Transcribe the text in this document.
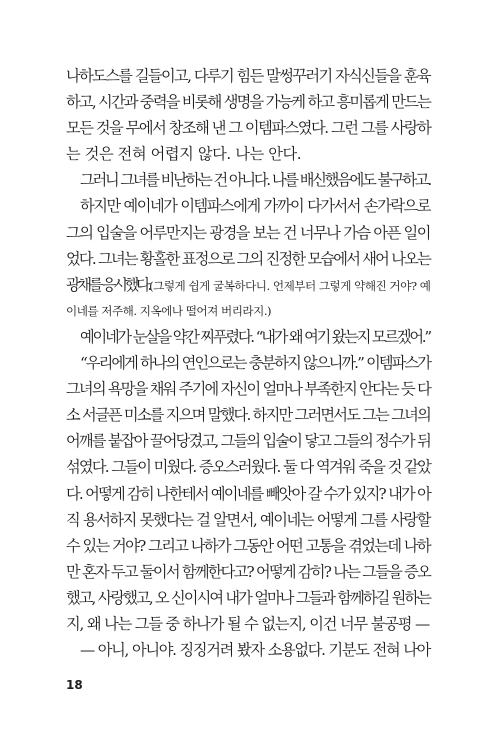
나하도스를 길들이고, 다루기 힘든 말썽꾸러기 자식신들을 훈육
하고, 시간과 중력을 비롯해 생명을 가능케 하고 흥미롭게 만드는
모든 것을 무에서 창조해 낸 그 이템파스였다. 그런 그를 사랑하
는 것은 전혀 어렵지 않다. 나는 안다.
그러니 그녀를 비난하는 건 아니다. 나를 배신했음에도 불구하고.
하지만 예이네가 이템파스에게 가까이 다가서서 손가락으로
그의 입술을 어루만지는 광경을 보는 건 너무나 가슴 아픈 일이
었다. 그녀는 황홀한 표정으로 그의 진정한 모습에서 새어 나오는
광채를 응시했다.(그렇게 쉽게 굴복하다니. 언제부터 그렇게 약해진 거야? 예
이네를 저주해. 지옥에나 떨어져 버리라지.)
예이네가 눈살을 약간 찌푸렸다. “내가 왜 여기 왔는지 모르겠어.”
“우리에게 하나의 연인으로는 충분하지 않으니까.” 이템파스가
그녀의 욕망을 채워 주기에 자신이 얼마나 부족한지 안다는 듯 다
소 서글픈 미소를 지으며 말했다. 하지만 그러면서도 그는 그녀의
어깨를 붙잡아 끌어당겼고, 그들의 입술이 닿고 그들의 정수가 뒤
섞였다. 그들이 미웠다. 증오스러웠다. 둘 다 역겨워 죽을 것 같았
다. 어떻게 감히 나한테서 예이네를 빼앗아 갈 수가 있지? 내가 아
직 용서하지 못했다는 걸 알면서, 예이네는 어떻게 그를 사랑할
수 있는 거야? 그리고 나하가 그동안 어떤 고통을 겪었는데 나하
만 혼자 두고 둘이서 함께한다고? 어떻게 감히? 나는 그들을 증오
했고, 사랑했고, 오 신이시여 내가 얼마나 그들과 함께하길 원하는
지, 왜 나는 그들 중 하나가 될 수 없는지, 이건 너무 불공평 —
— 아니, 아니야. 징징거려 봤자 소용없다. 기분도 전혀 나아
18
